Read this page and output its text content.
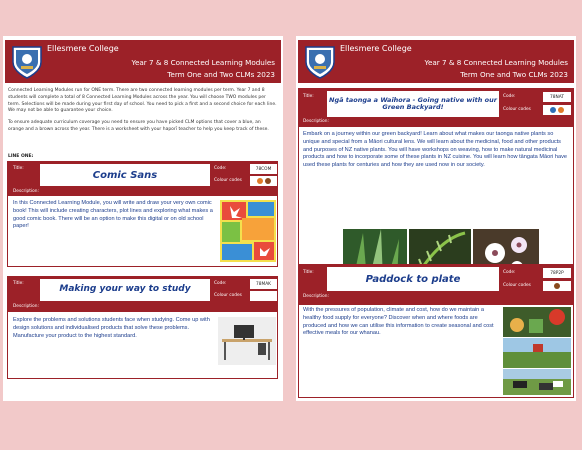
Ellesmere College
Year 7 & 8 Connected Learning Modules
Term One and Two CLMs 2023

Connected Learning Modules run for ONE term. There are two connected learning modules per term. Year 7 and 8 students will complete a total of 8 Connected Learning Modules across the year. You will choose TWO modules per term. Selections will be made during your first day of school. You need to pick a first and a second choice for each line. We may not be able to guarantee your choice.

To ensure adequate curriculum coverage you need to ensure you have picked CLM options that cover a blue, an orange and a brown across the year. There is a worksheet with your haporī teacher to help you keep track of these.

LINE ONE:
Title:
Comic Sans
Code:	78COM
Colour codes
Description:
In this Connected Learning Module, you will write and draw your very own comic book! This will include creating characters, plot lines and exploring what makes a good comic book. There will be an option to make this digital or on old school paper!
Title:
Making your way to study
Code:	78MAK
Colour codes
Description:
Explore the problems and solutions students face when studying. Come up with design solutions and individualised products that solve these problems. Manufacture your product to the highest standard.
Ellesmere College
Year 7 & 8 Connected Learning Modules
Term One and Two CLMs 2023
Title:	Ngā taonga a Waihora - Going native with our Green Backyard!
Code:	78NAT
Colour codes
Description:
Embark on a journey within our green backyard! Learn about what makes our taonga native plants so unique and special from a Māori cultural lens. We will learn about the medicinal, food and other products and purposes of NZ native plants. You will have workshops on weaving, how to make natural medicinal products and how to incorporate some of these plants in NZ cuisine. You will learn how tāngata Māori have used these plants for centuries and how they are used now in our society.
Title:
Paddock to plate
Code:	78P2P
Colour codes
Description:
With the pressures of population, climate and cost, how do we maintain a healthy food supply for everyone? Discover when and where foods are produced and how we can utilise this information to create seasonal and cost effective meals for our whanau.
